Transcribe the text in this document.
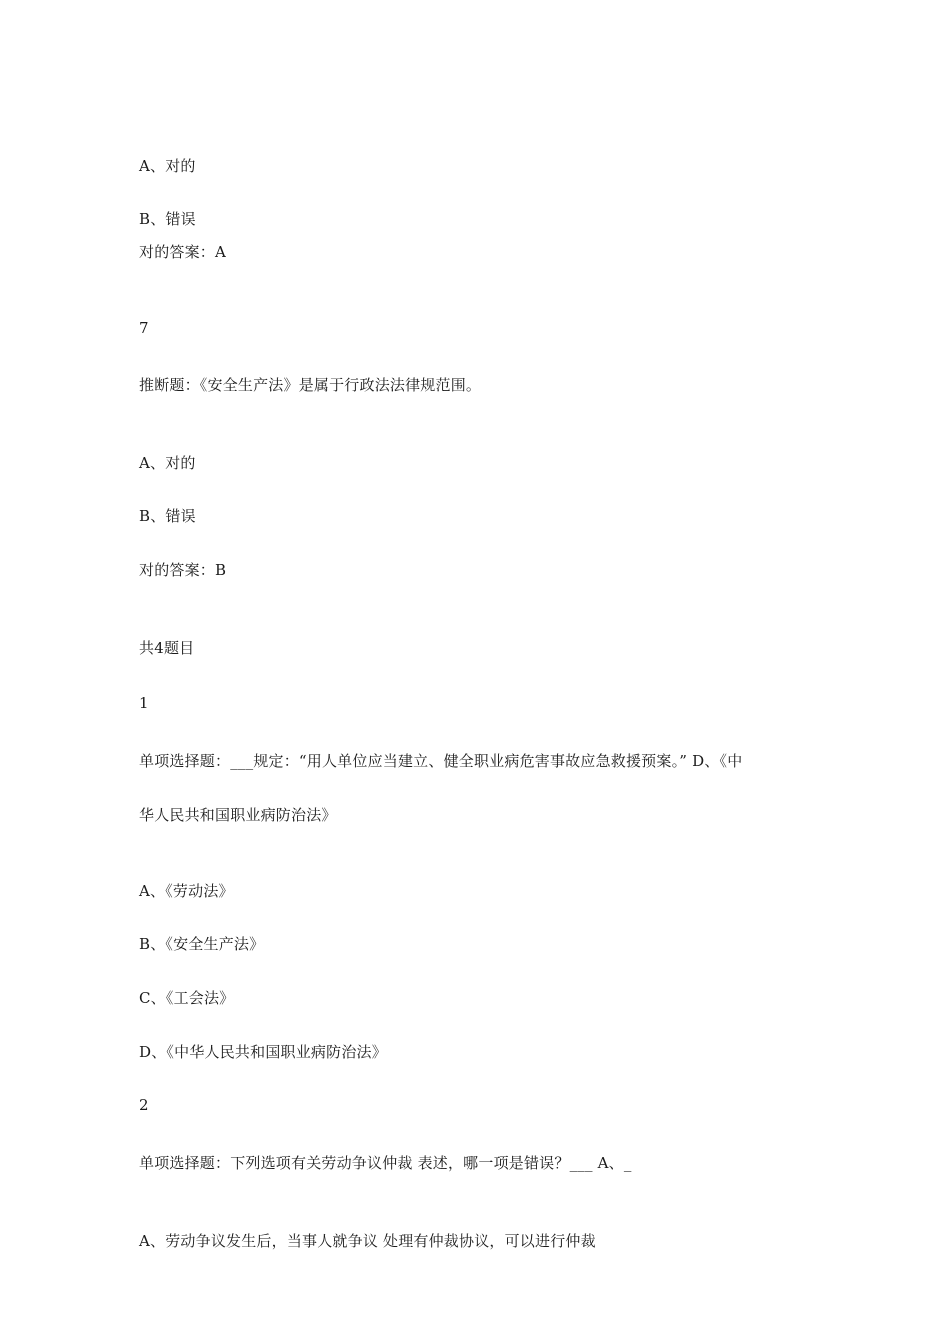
A、对的
B、错误
对的答案：A
7
推断题：《安全生产法》是属于行政法法律规范围。
A、对的
B、错误
对的答案：B
共4题目
1
单项选择题：___规定：“用人单位应当建立、健全职业病危害事故应急救援预案。” D、《中
华人民共和国职业病防治法》
A、《劳动法》
B、《安全生产法》
C、《工会法》
D、《中华人民共和国职业病防治法》
2
单项选择题：下列选项有关劳动争议仲裁 表述，哪一项是错误？___ A、_
A、劳动争议发生后，当事人就争议 处理有仲裁协议，可以进行仲裁
